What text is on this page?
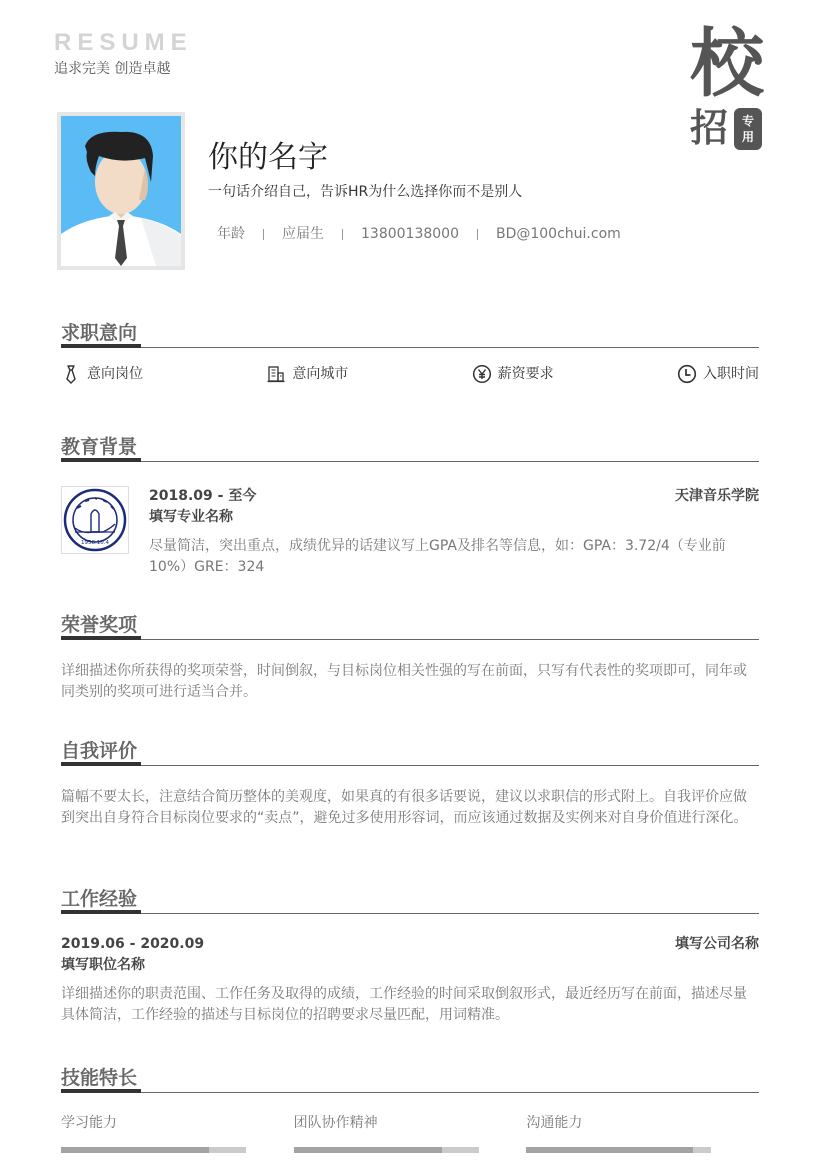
RESUME
追求完美 创造卓越	校
招	专
用
你的名字
一句话介绍自己，告诉HR为什么选择你而不是别人
年龄	应届生	13800138000	BD@100chui.com
求职意向
意向岗位	意向城市	薪资要求	入职时间
教育背景
1958.10.4
2018.09 - 至今	天津音乐学院
填写专业名称
尽量简洁，突出重点，成绩优异的话建议写上GPA及排名等信息，如：GPA：3.72/4（专业前10%）GRE：324
荣誉奖项
详细描述你所获得的奖项荣誉，时间倒叙，与目标岗位相关性强的写在前面，只写有代表性的奖项即可，同年或同类别的奖项可进行适当合并。
自我评价
篇幅不要太长，注意结合简历整体的美观度，如果真的有很多话要说，建议以求职信的形式附上。自我评价应做到突出自身符合目标岗位要求的“卖点”，避免过多使用形容词，而应该通过数据及实例来对自身价值进行深化。
工作经验
2019.06 - 2020.09	填写公司名称
填写职位名称
详细描述你的职责范围、工作任务及取得的成绩，工作经验的时间采取倒叙形式，最近经历写在前面，描述尽量具体简洁，工作经验的描述与目标岗位的招聘要求尽量匹配，用词精准。
技能特长
学习能力	团队协作精神	沟通能力
